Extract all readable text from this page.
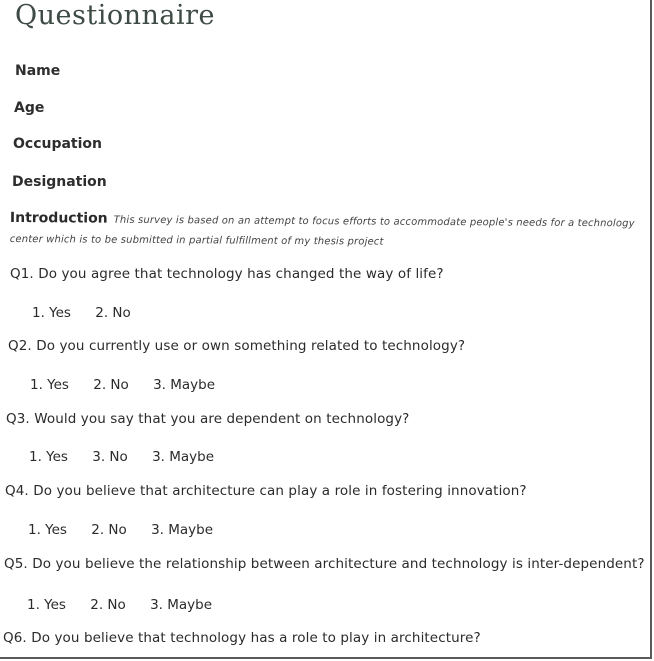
Questionnaire
Name
Age
Occupation
Designation
Introduction This survey is based on an attempt to focus efforts to accommodate people's needs for a technology center which is to be submitted in partial fulfillment of my thesis project
Q1. Do you agree that technology has changed the way of life?
1. Yes 2. No
Q2. Do you currently use or own something related to technology?
1. Yes 2. No 3. Maybe
Q3. Would you say that you are dependent on technology?
1. Yes 3. No 3. Maybe
Q4. Do you believe that architecture can play a role in fostering innovation?
1. Yes 2. No 3. Maybe
Q5. Do you believe the relationship between architecture and technology is inter-dependent?
1. Yes 2. No 3. Maybe
Q6. Do you believe that technology has a role to play in architecture?
